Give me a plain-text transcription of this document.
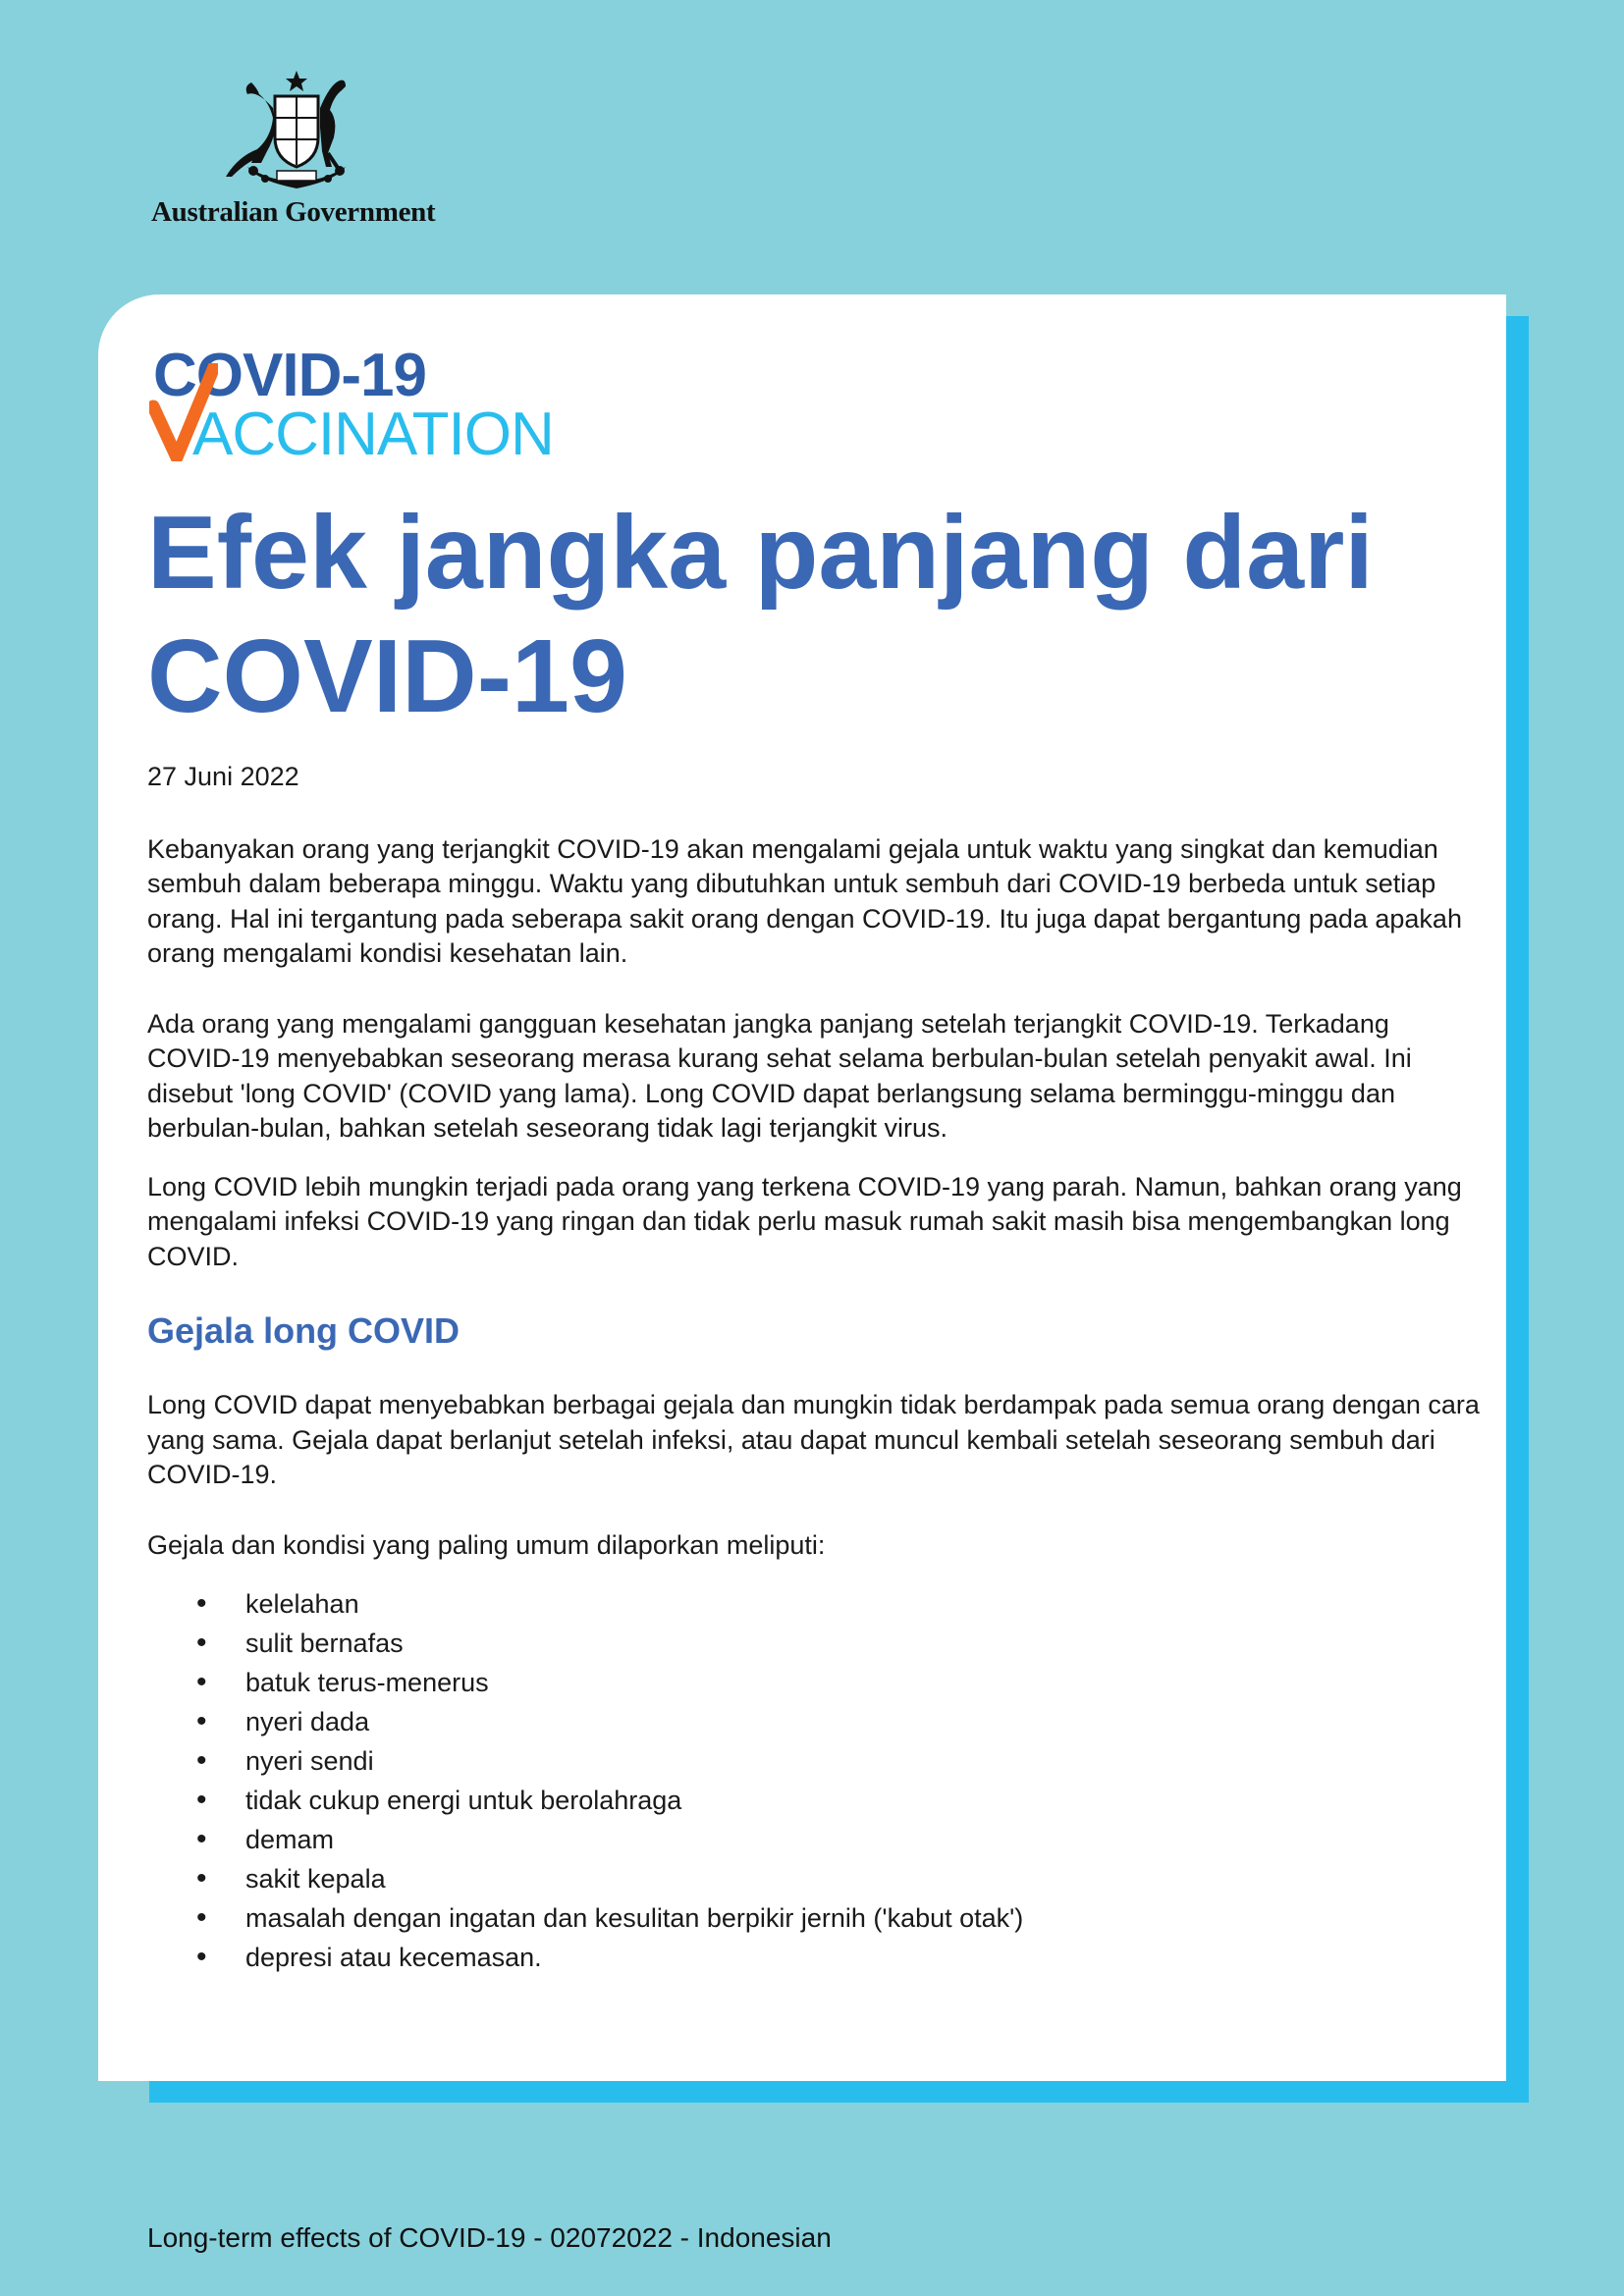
Australian Government
COVID-19
ACCINATION
Efek jangka panjang dari COVID-19

27 Juni 2022

Kebanyakan orang yang terjangkit COVID-19 akan mengalami gejala untuk waktu yang singkat dan kemudian sembuh dalam beberapa minggu. Waktu yang dibutuhkan untuk sembuh dari COVID-19 berbeda untuk setiap orang. Hal ini tergantung pada seberapa sakit orang dengan COVID-19. Itu juga dapat bergantung pada apakah orang mengalami kondisi kesehatan lain.

Ada orang yang mengalami gangguan kesehatan jangka panjang setelah terjangkit COVID-19. Terkadang COVID-19 menyebabkan seseorang merasa kurang sehat selama berbulan-bulan setelah penyakit awal. Ini disebut 'long COVID' (COVID yang lama). Long COVID dapat berlangsung selama berminggu-minggu dan berbulan-bulan, bahkan setelah seseorang tidak lagi terjangkit virus.

Long COVID lebih mungkin terjadi pada orang yang terkena COVID-19 yang parah. Namun, bahkan orang yang mengalami infeksi COVID-19 yang ringan dan tidak perlu masuk rumah sakit masih bisa mengembangkan long COVID.

Gejala long COVID

Long COVID dapat menyebabkan berbagai gejala dan mungkin tidak berdampak pada semua orang dengan cara yang sama. Gejala dapat berlanjut setelah infeksi, atau dapat muncul kembali setelah seseorang sembuh dari COVID-19.

Gejala dan kondisi yang paling umum dilaporkan meliputi:

• kelelahan
• sulit bernafas
• batuk terus-menerus
• nyeri dada
• nyeri sendi
• tidak cukup energi untuk berolahraga
• demam
• sakit kepala
• masalah dengan ingatan dan kesulitan berpikir jernih ('kabut otak')
• depresi atau kecemasan.
Long-term effects of COVID-19 - 02072022 - Indonesian
